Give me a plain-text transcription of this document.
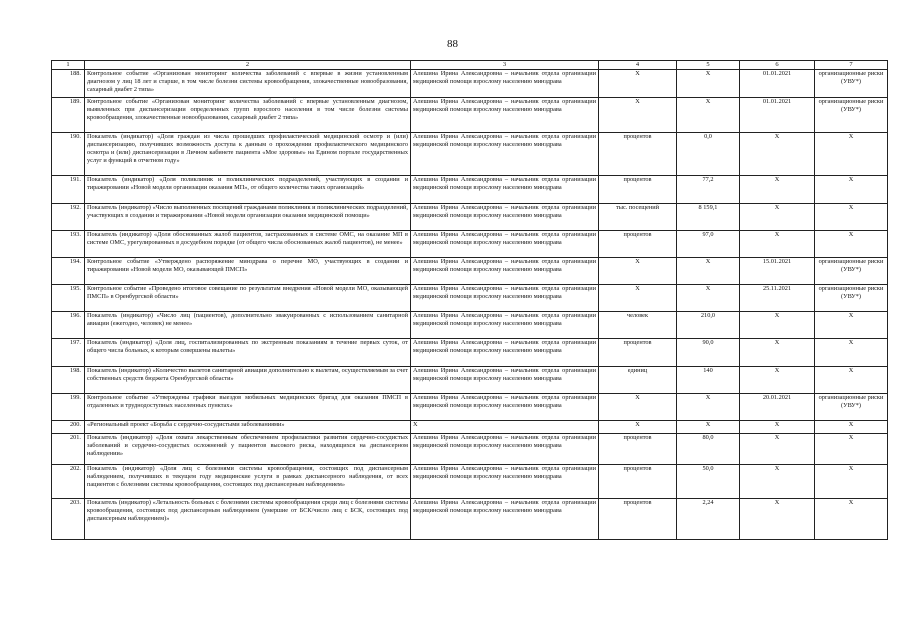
88
1	2	3	4	5	6	7
188.	Контрольное событие «Организован мониторинг количества заболеваний с впервые в жизни установленным диагнозом у лиц 18 лет и старше, в том числе болезни системы кровообращения, злокачественные новообразования, сахарный диабет 2 типа»	Алешина Ирина Александровна – начальник отдела организации медицинской помощи взрослому населению минздрава	X	X	01.01.2021	организационные риски (УВУ*)
189.	Контрольное событие «Организован мониторинг количества заболеваний с впервые установленным диагнозом, выявленных при диспансеризации определенных групп взрослого населения в том числе болезни системы кровообращения, злокачественные новообразования, сахарный диабет 2 типа»	Алешина Ирина Александровна – начальник отдела организации медицинской помощи взрослому населению минздрава	X	X	01.01.2021	организационные риски (УВУ*)
190.	Показатель (индикатор) «Доля граждан из числа прошедших профилактический медицинский осмотр и (или) диспансеризацию, получивших возможность доступа к данным о прохождении профилактического медицинского осмотра и (или) диспансеризации в Личном кабинете пациента «Мое здоровье» на Едином портале государственных услуг и функций в отчетном году»	Алешина Ирина Александровна – начальник отдела организации медицинской помощи взрослому населению минздрава	процентов	0,0	X	X
191.	Показатель (индикатор) «Доля поликлиник и поликлинических подразделений, участвующих в создании и тиражировании «Новой модели организации оказания МП», от общего количества таких организаций»	Алешина Ирина Александровна – начальник отдела организации медицинской помощи взрослому населению минздрава	процентов	77,2	X	X
192.	Показатель (индикатор) «Число выполненных посещений гражданами поликлиник и поликлинических подразделений, участвующих в создании и тиражировании «Новой модели организации оказания медицинской помощи»	Алешина Ирина Александровна – начальник отдела организации медицинской помощи взрослому населению минздрава	тыс. посещений	8 159,1	X	X
193.	Показатель (индикатор) «Доля обоснованных жалоб пациентов, застрахованных в системе ОМС, на оказание МП в системе ОМС, урегулированных в досудебном порядке (от общего числа обоснованных жалоб пациентов), не менее»	Алешина Ирина Александровна – начальник отдела организации медицинской помощи взрослому населению минздрава	процентов	97,0	X	X
194.	Контрольное событие «Утверждено распоряжение минздрава о перечне МО, участвующих в создании и тиражировании «Новой модели МО, оказывающей ПМСП»	Алешина Ирина Александровна – начальник отдела организации медицинской помощи взрослому населению минздрава	X	X	15.01.2021	организационные риски (УВУ*)
195.	Контрольное событие «Проведено итоговое совещание по результатам внедрения «Новой модели МО, оказывающей ПМСП» в Оренбургской области»	Алешина Ирина Александровна – начальник отдела организации медицинской помощи взрослому населению минздрава	X	X	25.11.2021	организационные риски (УВУ*)
196.	Показатель (индикатор) «Число лиц (пациентов), дополнительно эвакуированных с использованием санитарной авиации (ежегодно, человек) не менее»	Алешина Ирина Александровна – начальник отдела организации медицинской помощи взрослому населению минздрава	человек	210,0	X	X
197.	Показатель (индикатор) «Доля лиц, госпитализированных по экстренным показаниям в течение первых суток, от общего числа больных, к которым совершены вылеты»	Алешина Ирина Александровна – начальник отдела организации медицинской помощи взрослому населению минздрава	процентов	90,0	X	X
198.	Показатель (индикатор) «Количество вылетов санитарной авиации дополнительно к вылетам, осуществляемым за счет собственных средств бюджета Оренбургской области»	Алешина Ирина Александровна – начальник отдела организации медицинской помощи взрослому населению минздрава	единиц	140	X	X
199.	Контрольное событие «Утверждены графики выездов мобильных медицинских бригад для оказания ПМСП в отдаленных и труднодоступных населенных пунктах»	Алешина Ирина Александровна – начальник отдела организации медицинской помощи взрослому населению минздрава	X	X	20.01.2021	организационные риски (УВУ*)
200.	«Региональный проект «Борьба с сердечно-сосудистыми заболеваниями»	X	X	X	X	X
201.	Показатель (индикатор) «Доля охвата лекарственным обеспечением профилактики развития сердечно-сосудистых заболеваний и сердечно-сосудистых осложнений у пациентов высокого риска, находящихся на диспансерном наблюдении»	Алешина Ирина Александровна – начальник отдела организации медицинской помощи взрослому населению минздрава	процентов	80,0	X	X
202.	Показатель (индикатор) «Доля лиц с болезнями системы кровообращения, состоящих под диспансерным наблюдением, получивших в текущем году медицинские услуги в рамках диспансерного наблюдения, от всех пациентов с болезнями системы кровообращения, состоящих под диспансерным наблюдением»	Алешина Ирина Александровна – начальник отдела организации медицинской помощи взрослому населению минздрава	процентов	50,0	X	X
203.	Показатель (индикатор) «Летальность больных с болезнями системы кровообращения среди лиц с болезнями системы кровообращения, состоящих под диспансерным наблюдением (умершие от БСК/число лиц с БСК, состоящих под диспансерным наблюдением)»	Алешина Ирина Александровна – начальник отдела организации медицинской помощи взрослому населению минздрава	процентов	2,24	X	X
